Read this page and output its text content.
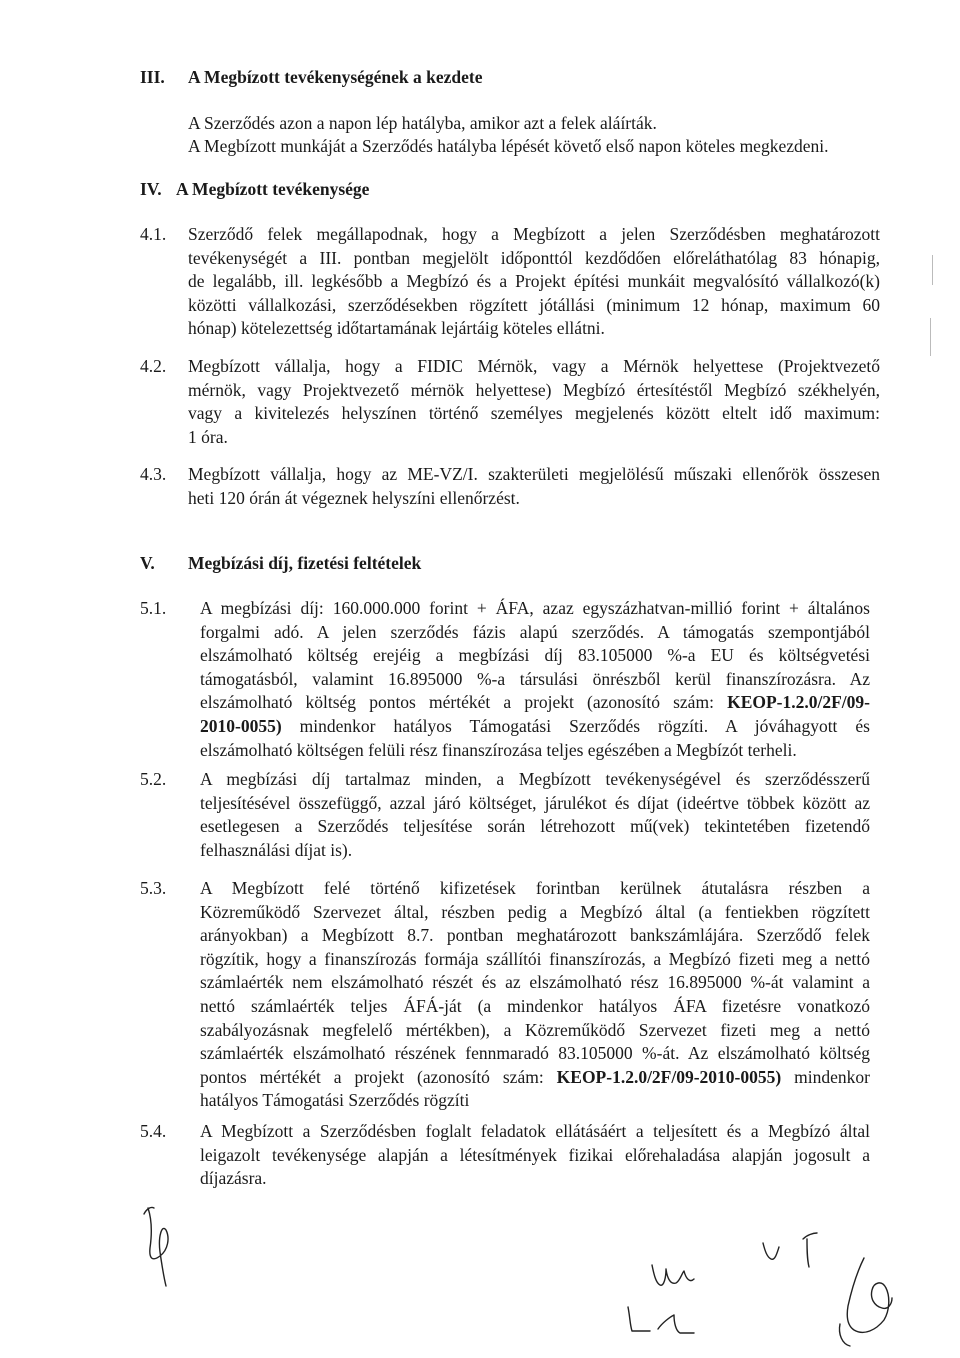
III. A Megbízott tevékenységének a kezdete
A Szerződés azon a napon lép hatályba, amikor azt a felek aláírták.
A Megbízott munkáját a Szerződés hatályba lépését követő első napon köteles megkezdeni.
IV. A Megbízott tevékenysége
4.1. Szerződő felek megállapodnak, hogy a Megbízott a jelen Szerződésben meghatározott
tevékenységét a III. pontban megjelölt időponttól kezdődően előreláthatólag 83 hónapig,
de legalább, ill. legkésőbb a Megbízó és a Projekt építési munkáit megvalósító vállalkozó(k)
közötti vállalkozási, szerződésekben rögzített jótállási (minimum 12 hónap, maximum 60
hónap) kötelezettség időtartamának lejártáig köteles ellátni.
4.2. Megbízott vállalja, hogy a FIDIC Mérnök, vagy a Mérnök helyettese (Projektvezető
mérnök, vagy Projektvezető mérnök helyettese) Megbízó értesítéstől Megbízó székhelyén,
vagy a kivitelezés helyszínen történő személyes megjelenés között eltelt idő maximum:
1 óra.
4.3. Megbízott vállalja, hogy az ME-VZ/I. szakterületi megjelölésű műszaki ellenőrök összesen
heti 120 órán át végeznek helyszíni ellenőrzést.
V. Megbízási díj, fizetési feltételek
5.1. A megbízási díj: 160.000.000 forint + ÁFA, azaz egyszázhatvan-millió forint + általános
forgalmi adó. A jelen szerződés fázis alapú szerződés. A támogatás szempontjából
elszámolható költség erejéig a megbízási díj 83.105000 %-a EU és költségvetési
támogatásból, valamint 16.895000 %-a társulási önrészből kerül finanszírozásra. Az
elszámolható költség pontos mértékét a projekt (azonosító szám: KEOP-1.2.0/2F/09-
2010-0055) mindenkor hatályos Támogatási Szerződés rögzíti. A jóváhagyott és
elszámolható költségen felüli rész finanszírozása teljes egészében a Megbízót terheli.
5.2. A megbízási díj tartalmaz minden, a Megbízott tevékenységével és szerződésszerű
teljesítésével összefüggő, azzal járó költséget, járulékot és díjat (ideértve többek között az
esetlegesen a Szerződés teljesítése során létrehozott mű(vek) tekintetében fizetendő
felhasználási díjat is).
5.3. A Megbízott felé történő kifizetések forintban kerülnek átutalásra részben a
Közreműködő Szervezet által, részben pedig a Megbízó által (a fentiekben rögzített
arányokban) a Megbízott 8.7. pontban meghatározott bankszámlájára. Szerződő felek
rögzítik, hogy a finanszírozás formája szállítói finanszírozás, a Megbízó fizeti meg a nettó
számlaérték nem elszámolható részét és az elszámolható rész 16.895000 %-át valamint a
nettó számlaérték teljes ÁFÁ-ját (a mindenkor hatályos ÁFA fizetésre vonatkozó
szabályozásnak megfelelő mértékben), a Közreműködő Szervezet fizeti meg a nettó
számlaérték elszámolható részének fennmaradó 83.105000 %-át. Az elszámolható költség
pontos mértékét a projekt (azonosító szám: KEOP-1.2.0/2F/09-2010-0055) mindenkor
hatályos Támogatási Szerződés rögzíti
5.4. A Megbízott a Szerződésben foglalt feladatok ellátásáért a teljesített és a Megbízó által
leigazolt tevékenysége alapján a létesítmények fizikai előrehaladása alapján jogosult a
díjazásra.
